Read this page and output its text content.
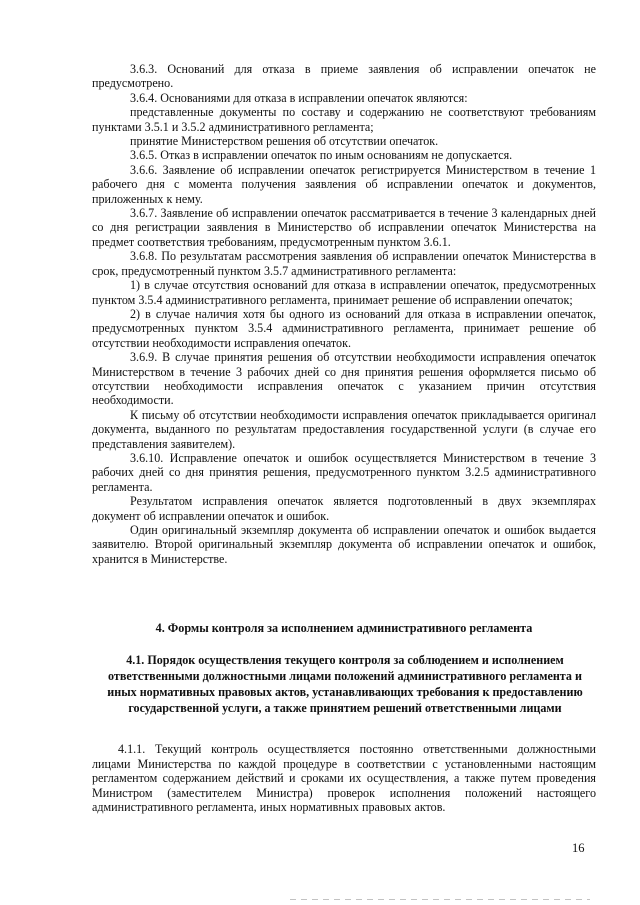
3.6.3. Оснований для отказа в приеме заявления об исправлении опечаток не предусмотрено.

3.6.4. Основаниями для отказа в исправлении опечаток являются:

представленные документы по составу и содержанию не соответствуют требованиям пунктами 3.5.1 и 3.5.2 административного регламента;

принятие Министерством решения об отсутствии опечаток.

3.6.5. Отказ в исправлении опечаток по иным основаниям не допускается.

3.6.6. Заявление об исправлении опечаток регистрируется Министерством в течение 1 рабочего дня с момента получения заявления об исправлении опечаток и документов, приложенных к нему.

3.6.7. Заявление об исправлении опечаток рассматривается в течение 3 календарных дней со дня регистрации заявления в Министерство об исправлении опечаток Министерства на предмет соответствия требованиям, предусмотренным пунктом 3.6.1.

3.6.8. По результатам рассмотрения заявления об исправлении опечаток Министерства в срок, предусмотренный пунктом 3.5.7 административного регламента:

1) в случае отсутствия оснований для отказа в исправлении опечаток, предусмотренных пунктом 3.5.4 административного регламента, принимает решение об исправлении опечаток;

2) в случае наличия хотя бы одного из оснований для отказа в исправлении опечаток, предусмотренных пунктом 3.5.4 административного регламента, принимает решение об отсутствии необходимости исправления опечаток.

3.6.9. В случае принятия решения об отсутствии необходимости исправления опечаток Министерством в течение 3 рабочих дней со дня принятия решения оформляется письмо об отсутствии необходимости исправления опечаток с указанием причин отсутствия необходимости.

К письму об отсутствии необходимости исправления опечаток прикладывается оригинал документа, выданного по результатам предоставления государственной услуги (в случае его представления заявителем).

3.6.10. Исправление опечаток и ошибок осуществляется Министерством в течение 3 рабочих дней со дня принятия решения, предусмотренного пунктом 3.2.5 административного регламента.

Результатом исправления опечаток является подготовленный в двух экземплярах документ об исправлении опечаток и ошибок.

Один оригинальный экземпляр документа об исправлении опечаток и ошибок выдается заявителю. Второй оригинальный экземпляр документа об исправлении опечаток и ошибок, хранится в Министерстве.

4. Формы контроля за исполнением административного регламента
4.1. Порядок осуществления текущего контроля за соблюдением и исполнением ответственными должностными лицами положений административного регламента и иных нормативных правовых актов, устанавливающих требования к предоставлению государственной услуги, а также принятием решений ответственными лицами

4.1.1. Текущий контроль осуществляется постоянно ответственными должностными лицами Министерства по каждой процедуре в соответствии с установленными настоящим регламентом содержанием действий и сроками их осуществления, а также путем проведения Министром (заместителем Министра) проверок исполнения положений настоящего административного регламента, иных нормативных правовых актов.

16
